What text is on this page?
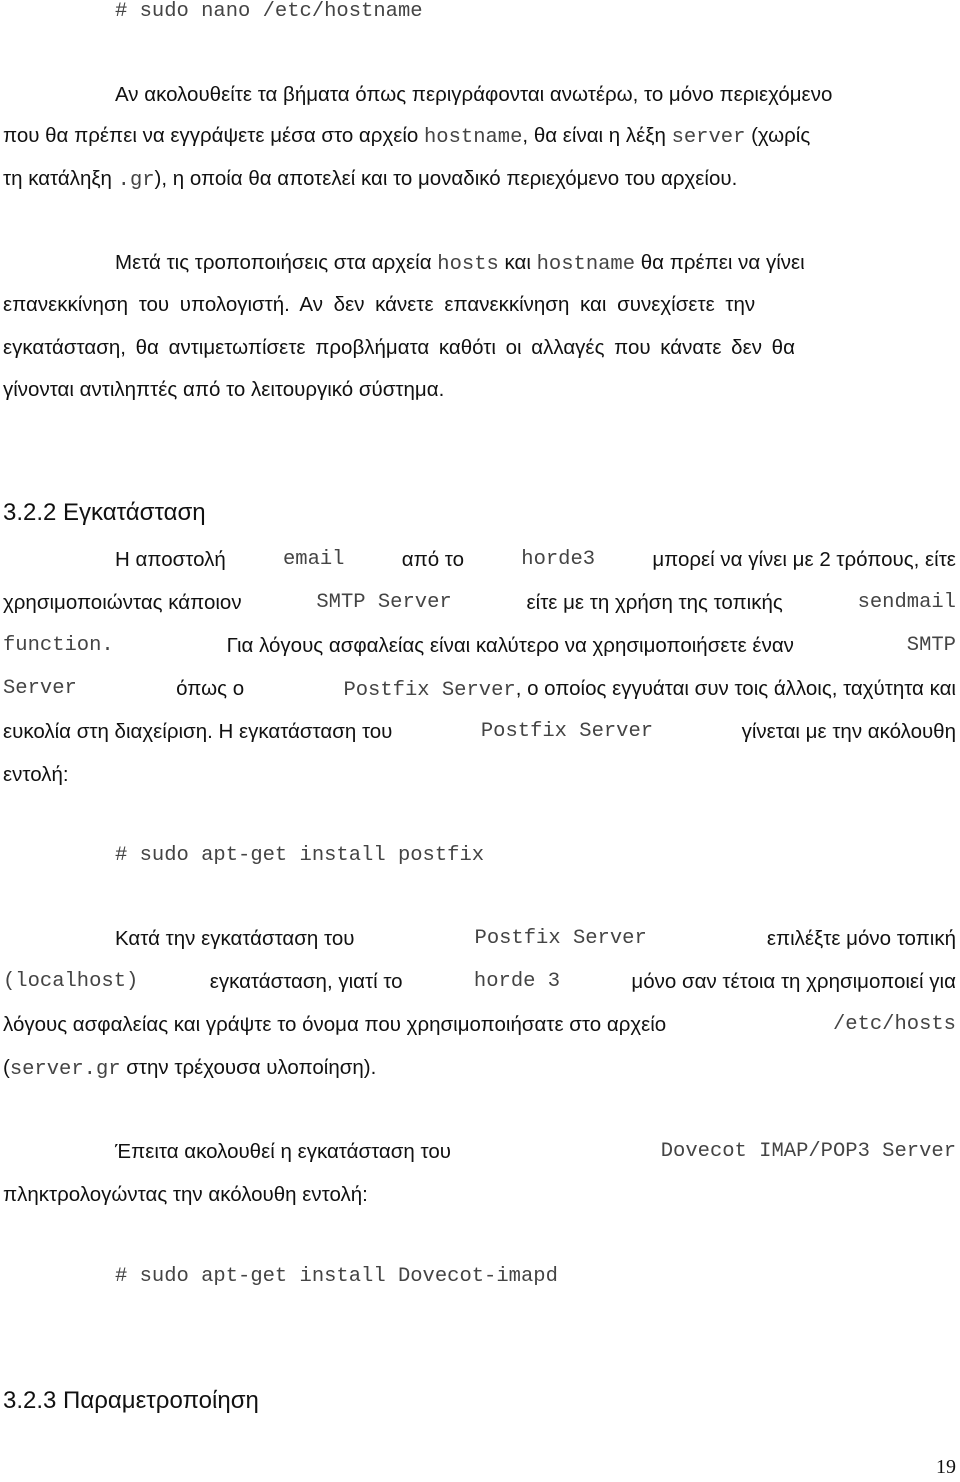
# sudo nano /etc/hostname
Αν ακολουθείτε τα βήματα όπως περιγράφονται ανωτέρω, το μόνο περιεχόμενο
που θα πρέπει να εγγράψετε μέσα στο αρχείο hostname, θα είναι η λέξη server (χωρίς
τη κατάληξη .gr), η οποία θα αποτελεί και το μοναδικό περιεχόμενο του αρχείου.
Μετά τις τροποποιήσεις στα αρχεία hosts και hostname θα πρέπει να γίνει
επανεκκίνηση του υπολογιστή. Αν δεν κάνετε επανεκκίνηση και συνεχίσετε την
εγκατάσταση, θα αντιμετωπίσετε προβλήματα καθότι οι αλλαγές που κάνατε δεν θα
γίνονται αντιληπτές από το λειτουργικό σύστημα.
3.2.2 Εγκατάσταση
Η αποστολή	email	από το	horde3	μπορεί να γίνει με 2 τρόπους, είτε
χρησιμοποιώντας κάποιον	SMTP Server	είτε με τη χρήση της τοπικής	sendmail
function.	Για λόγους ασφαλείας είναι καλύτερο να χρησιμοποιήσετε έναν	SMTP
Server	όπως ο	Postfix Server, ο οποίος εγγυάται συν τοις άλλοις, ταχύτητα και
ευκολία στη διαχείριση. Η εγκατάσταση του	Postfix Server	γίνεται με την ακόλουθη
εντολή:
# sudo apt-get install postfix
Κατά την εγκατάσταση του	Postfix Server	επιλέξτε μόνο τοπική
(localhost)	εγκατάσταση, γιατί το	horde 3	μόνο σαν τέτοια τη χρησιμοποιεί για
λόγους ασφαλείας και γράψτε το όνομα που χρησιμοποιήσατε στο αρχείο	/etc/hosts
(server.gr στην τρέχουσα υλοποίηση).
Έπειτα ακολουθεί η εγκατάσταση του	Dovecot IMAP/POP3 Server
πληκτρολογώντας την ακόλουθη εντολή:
# sudo apt-get install Dovecot-imapd
3.2.3 Παραμετροποίηση
19
